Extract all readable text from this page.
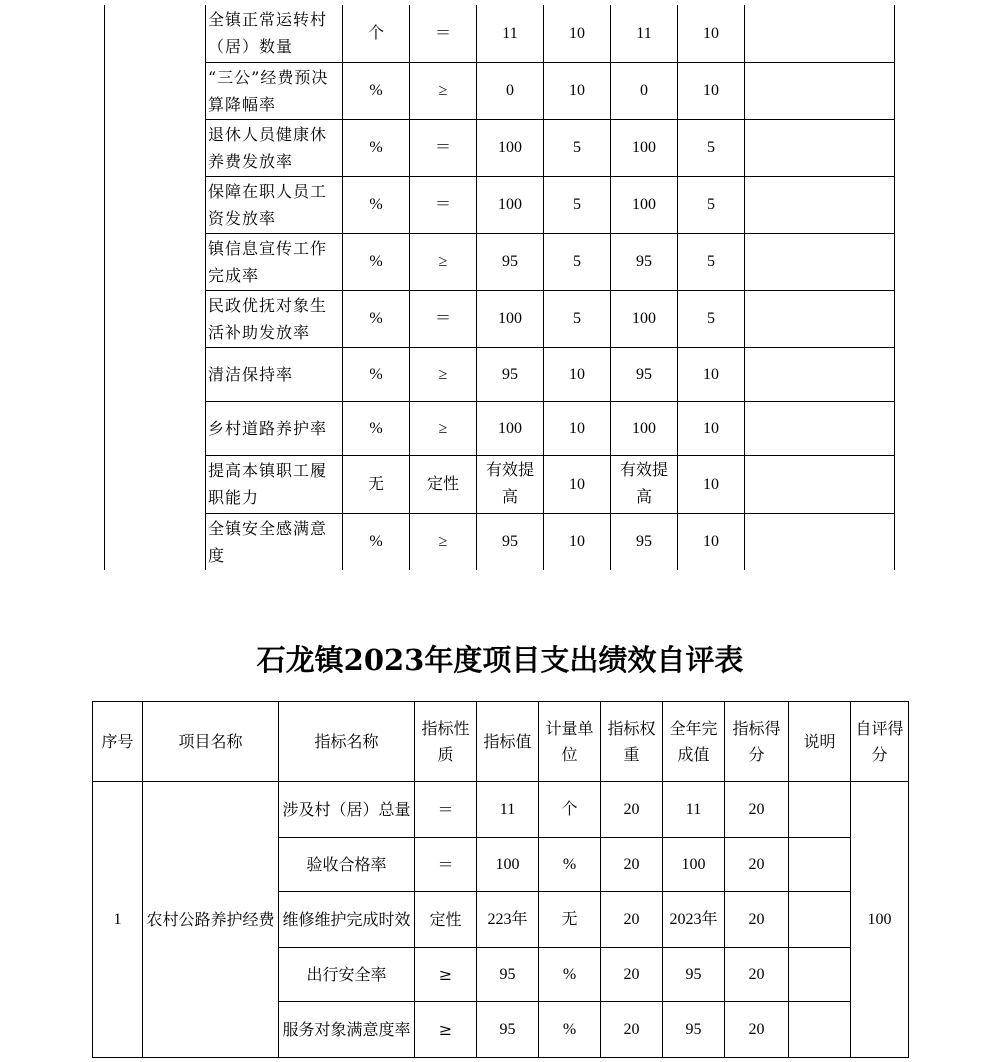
	全镇正常运转村（居）数量	个	＝	11	10	11	10	
	“三公”经费预决算降幅率	%	≥	0	10	0	10	
	退休人员健康休养费发放率	%	＝	100	5	100	5	
	保障在职人员工资发放率	%	＝	100	5	100	5	
	镇信息宣传工作完成率	%	≥	95	5	95	5	
	民政优抚对象生活补助发放率	%	＝	100	5	100	5	
	清洁保持率	%	≥	95	10	95	10	
	乡村道路养护率	%	≥	100	10	100	10	
	提高本镇职工履职能力	无	定性	有效提高	10	有效提高	10	
	全镇安全感满意度	%	≥	95	10	95	10	
石龙镇2023年度项目支出绩效自评表
序号	项目名称	指标名称	指标性质	指标值	计量单位	指标权重	全年完成值	指标得分	说明	自评得分
1	农村公路养护经费	涉及村（居）总量	＝	11	个	20	11	20		100
		验收合格率	＝	100	%	20	100	20		
		维修维护完成时效	定性	223年	无	20	2023年	20		
		出行安全率	≥	95	%	20	95	20		
		服务对象满意度率	≥	95	%	20	95	20		
